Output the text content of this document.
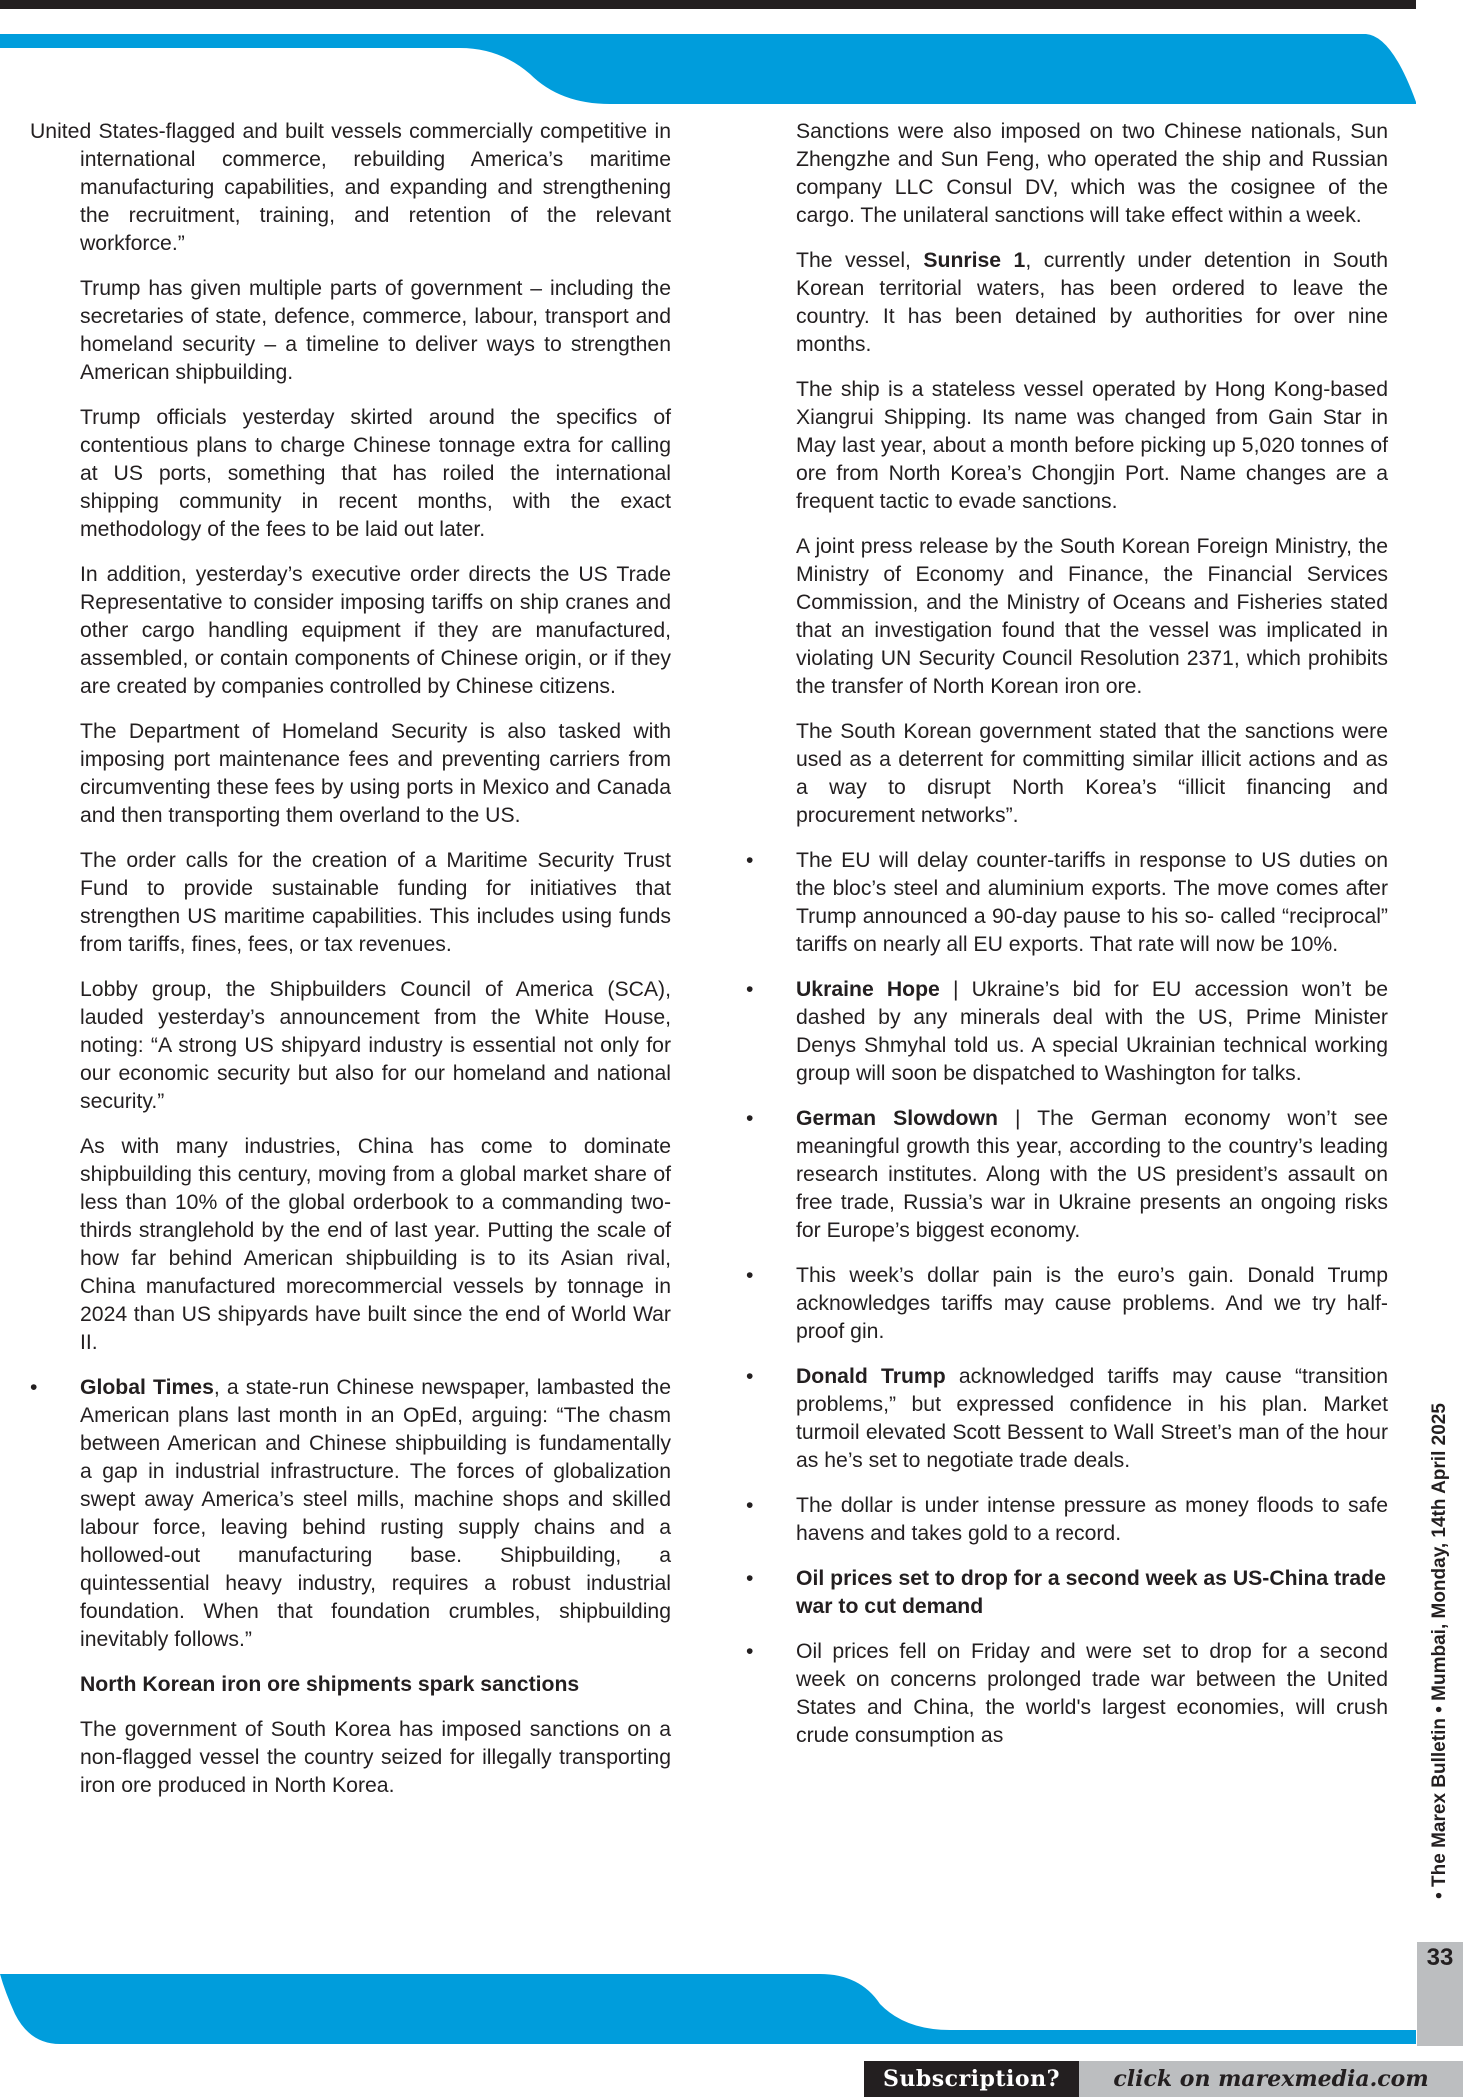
• The Marex Bulletin • Mumbai, Monday, 14th April 2025
33
Subscription?	click on marexmedia.com

United States-flagged and built vessels commercially competitive in international commerce, rebuilding America’s maritime manufacturing capabilities, and expanding and strengthening the recruitment, training, and retention of the relevant workforce.”

Trump has given multiple parts of government – including the secretaries of state, defence, commerce, labour, transport and homeland security – a timeline to deliver ways to strengthen American shipbuilding.

Trump officials yesterday skirted around the specifics of contentious plans to charge Chinese tonnage extra for calling at US ports, something that has roiled the international shipping community in recent months, with the exact methodology of the fees to be laid out later.

In addition, yesterday’s executive order directs the US Trade Representative to consider imposing tariffs on ship cranes and other cargo handling equipment if they are manufactured, assembled, or contain components of Chinese origin, or if they are created by companies controlled by Chinese citizens.

The Department of Homeland Security is also tasked with imposing port maintenance fees and preventing carriers from circumventing these fees by using ports in Mexico and Canada and then transporting them overland to the US.

The order calls for the creation of a Maritime Security Trust Fund to provide sustainable funding for initiatives that strengthen US maritime capabilities. This includes using funds from tariffs, fines, fees, or tax revenues.

Lobby group, the Shipbuilders Council of America (SCA), lauded yesterday’s announcement from the White House, noting: “A strong US shipyard industry is essential not only for our economic security but also for our homeland and national security.”

As with many industries, China has come to dominate shipbuilding this century, moving from a global market share of less than 10% of the global orderbook to a commanding two-thirds stranglehold by the end of last year. Putting the scale of how far behind American shipbuilding is to its Asian rival, China manufactured morecommercial vessels by tonnage in 2024 than US shipyards have built since the end of World War II.

• Global Times, a state-run Chinese newspaper, lambasted the American plans last month in an OpEd, arguing: “The chasm between American and Chinese shipbuilding is fundamentally a gap in industrial infrastructure. The forces of globalization swept away America’s steel mills, machine shops and skilled labour force, leaving behind rusting supply chains and a hollowed-out manufacturing base. Shipbuilding, a quintessential heavy industry, requires a robust industrial foundation. When that foundation crumbles, shipbuilding inevitably follows.”

North Korean iron ore shipments spark sanctions

The government of South Korea has imposed sanctions on a non-flagged vessel the country seized for illegally transporting iron ore produced in North Korea.

Sanctions were also imposed on two Chinese nationals, Sun Zhengzhe and Sun Feng, who operated the ship and Russian company LLC Consul DV, which was the cosignee of the cargo. The unilateral sanctions will take effect within a week.

The vessel, Sunrise 1, currently under detention in South Korean territorial waters, has been ordered to leave the country. It has been detained by authorities for over nine months.

The ship is a stateless vessel operated by Hong Kong-based Xiangrui Shipping. Its name was changed from Gain Star in May last year, about a month before picking up 5,020 tonnes of ore from North Korea’s Chongjin Port. Name changes are a frequent tactic to evade sanctions.

A joint press release by the South Korean Foreign Ministry, the Ministry of Economy and Finance, the Financial Services Commission, and the Ministry of Oceans and Fisheries stated that an investigation found that the vessel was implicated in violating UN Security Council Resolution 2371, which prohibits the transfer of North Korean iron ore.

The South Korean government stated that the sanctions were used as a deterrent for committing similar illicit actions and as a way to disrupt North Korea’s “illicit financing and procurement networks”.

• The EU will delay counter-tariffs in response to US duties on the bloc’s steel and aluminium exports. The move comes after Trump announced a 90-day pause to his so- called “reciprocal” tariffs on nearly all EU exports. That rate will now be 10%.

• Ukraine Hope | Ukraine’s bid for EU accession won’t be dashed by any minerals deal with the US, Prime Minister Denys Shmyhal told us. A special Ukrainian technical working group will soon be dispatched to Washington for talks.

• German Slowdown | The German economy won’t see meaningful growth this year, according to the country’s leading research institutes. Along with the US president’s assault on free trade, Russia’s war in Ukraine presents an ongoing risks for Europe’s biggest economy.

• This week’s dollar pain is the euro’s gain. Donald Trump acknowledges tariffs may cause problems. And we try half-proof gin.

• Donald Trump acknowledged tariffs may cause “transition problems,” but expressed confidence in his plan. Market turmoil elevated Scott Bessent to Wall Street’s man of the hour as he’s set to negotiate trade deals.

• The dollar is under intense pressure as money floods to safe havens and takes gold to a record.

• Oil prices set to drop for a second week as US-China trade war to cut demand

• Oil prices fell on Friday and were set to drop for a second week on concerns prolonged trade war between the United States and China, the world's largest economies, will crush crude consumption as
